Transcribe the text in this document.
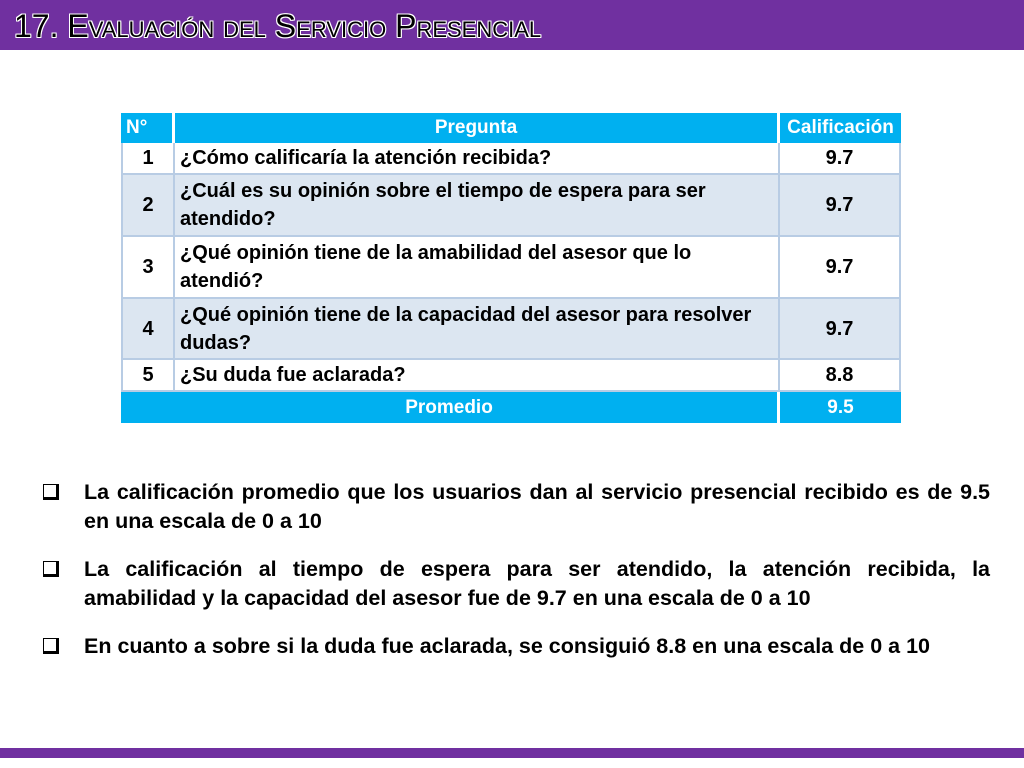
17. Evaluación del Servicio Presencial
N°	Pregunta	Calificación
1	¿Cómo calificaría la atención recibida?	9.7
2	¿Cuál es su opinión sobre el tiempo de espera para ser atendido?	9.7
3	¿Qué opinión tiene de la amabilidad del asesor que lo atendió?	9.7
4	¿Qué opinión tiene de la capacidad del asesor para resolver dudas?	9.7
5	¿Su duda fue aclarada?	8.8
Promedio		9.5
La calificación promedio que los usuarios dan al servicio presencial recibido es de 9.5
en una escala de 0 a 10
La calificación al tiempo de espera para ser atendido, la atención recibida, la
amabilidad y la capacidad del asesor fue de 9.7 en una escala de 0 a 10
En cuanto a sobre si la duda fue aclarada, se consiguió 8.8 en una escala de 0 a 10
